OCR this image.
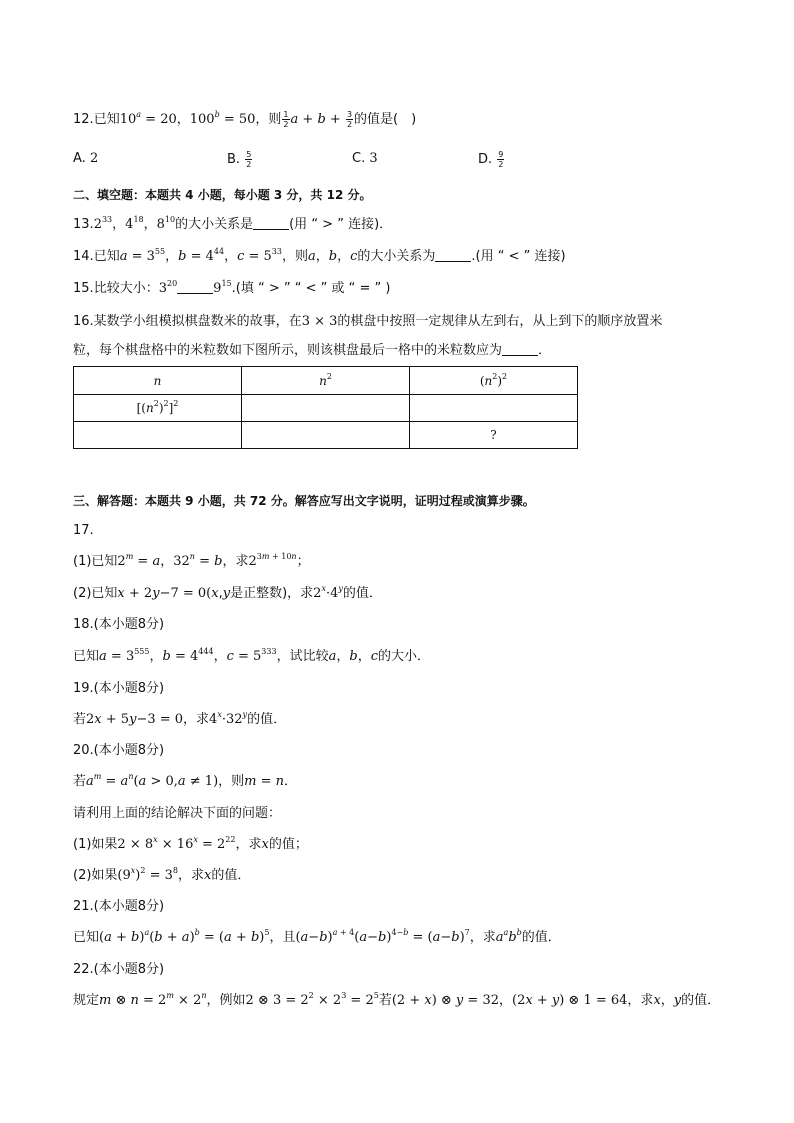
12.已知$10^a = 20$，$100^b = 50$，则 $\frac{1}{2}$ $a + b + \frac{3}{2}$ 的值是(　)
A. 2	B. $\frac{5}{2}$	C. 3	D. $\frac{9}{2}$
二、填空题：本题共 4 小题，每小题 3 分，共 12 分。
13.2$^{33}$，$4^{18}$，$8^{10}$的大小关系是	(用 “ > ” 连接)．
14.已知$a = 3^{55}$，$b = 4^{44}$，$c = 5^{33}$，则a，b，c的大小关系为	.(用 “ < ” 连接)
15.比较大小：$3^{20}$	$9^{15}$.(填 “ > ” “ < ” 或 “ = ” )
16.某数学小组模拟棋盘数米的故事，在3 × 3的棋盘中按照一定规律从左到右，从上到下的顺序放置米
粒，每个棋盘格中的米粒数如下图所示，则该棋盘最后一格中的米粒数应为	．
n	$n^2$	$(n^2)^2$
$[(n^2)^2]^2$		
		?
三、解答题：本题共 9 小题，共 72 分。解答应写出文字说明，证明过程或演算步骤。
17.
(1)已知$2^m = a$，$32^n = b$，求$2^{3m + 10n}$；
(2)已知x + 2y−7 = 0(x,y是正整数)，求$2^x\cdot 4^y$的值．
18.(本小题8分)
已知$a = 3^{555}$，$b = 4^{444}$，$c = 5^{333}$，试比较a，b，c的大小．
19.(本小题8分)
若2x + 5y−3 = 0，求$4^x\cdot 32^y$的值．
20.(本小题8分)
若$a^m = a^n(a > 0,a \ne 1)$，则m = n．
请利用上面的结论解决下面的问题：
(1)如果$2 \times 8^x \times 16^x = 2^{22}$，求x的值；
(2)如果$(9^x)^2 = 3^8$，求x的值．
21.(本小题8分)
已知$(a + b)^a(b + a)^b = (a + b)^5$，且$(a-b)^{a + 4}(a-b)^{4-b} = (a-b)^7$，求$a^ab^b$的值．
22.(本小题8分)
规定m ⊗ $n = 2^m \times 2^n$，例如2 ⊗ $3 = 2^2 \times 2^3 = 2^5$若(2 + x) ⊗ y = 32，(2x + y) ⊗ 1 = 64，求x，y的值．
